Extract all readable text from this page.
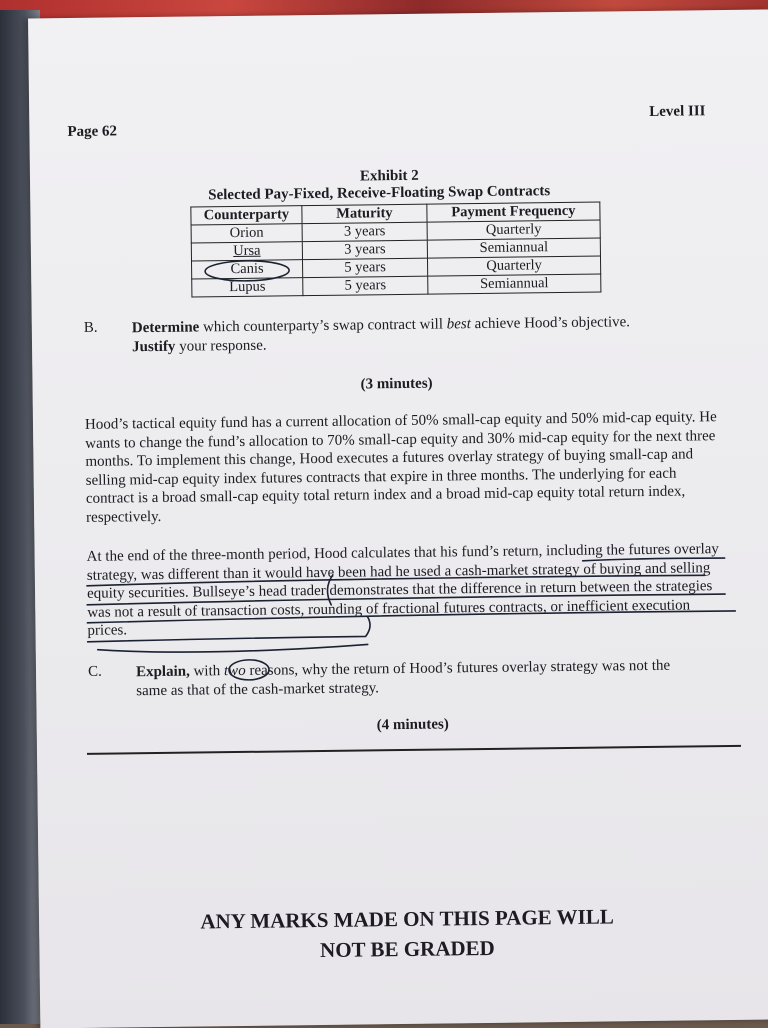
Page 62
Level III
Exhibit 2
Selected Pay-Fixed, Receive-Floating Swap Contracts
Counterparty	Maturity	Payment Frequency
Orion	3 years	Quarterly
Ursa	3 years	Semiannual
Canis	5 years	Quarterly
Lupus	5 years	Semiannual
B. Determine which counterparty’s swap contract will best achieve Hood’s objective.
Justify your response.
(3 minutes)
Hood’s tactical equity fund has a current allocation of 50% small-cap equity and 50% mid-cap equity. He wants to change the fund’s allocation to 70% small-cap equity and 30% mid-cap equity for the next three months. To implement this change, Hood executes a futures overlay strategy of buying small-cap and selling mid-cap equity index futures contracts that expire in three months. The underlying for each contract is a broad small-cap equity total return index and a broad mid-cap equity total return index, respectively.
At the end of the three-month period, Hood calculates that his fund’s return, including the futures overlay strategy, was different than it would have been had he used a cash-market strategy of buying and selling equity securities. Bullseye’s head trader demonstrates that the difference in return between the strategies was not a result of transaction costs, rounding of fractional futures contracts, or inefficient execution prices.
C. Explain, with two reasons, why the return of Hood’s futures overlay strategy was not the same as that of the cash-market strategy.
(4 minutes)
ANY MARKS MADE ON THIS PAGE WILL
NOT BE GRADED
